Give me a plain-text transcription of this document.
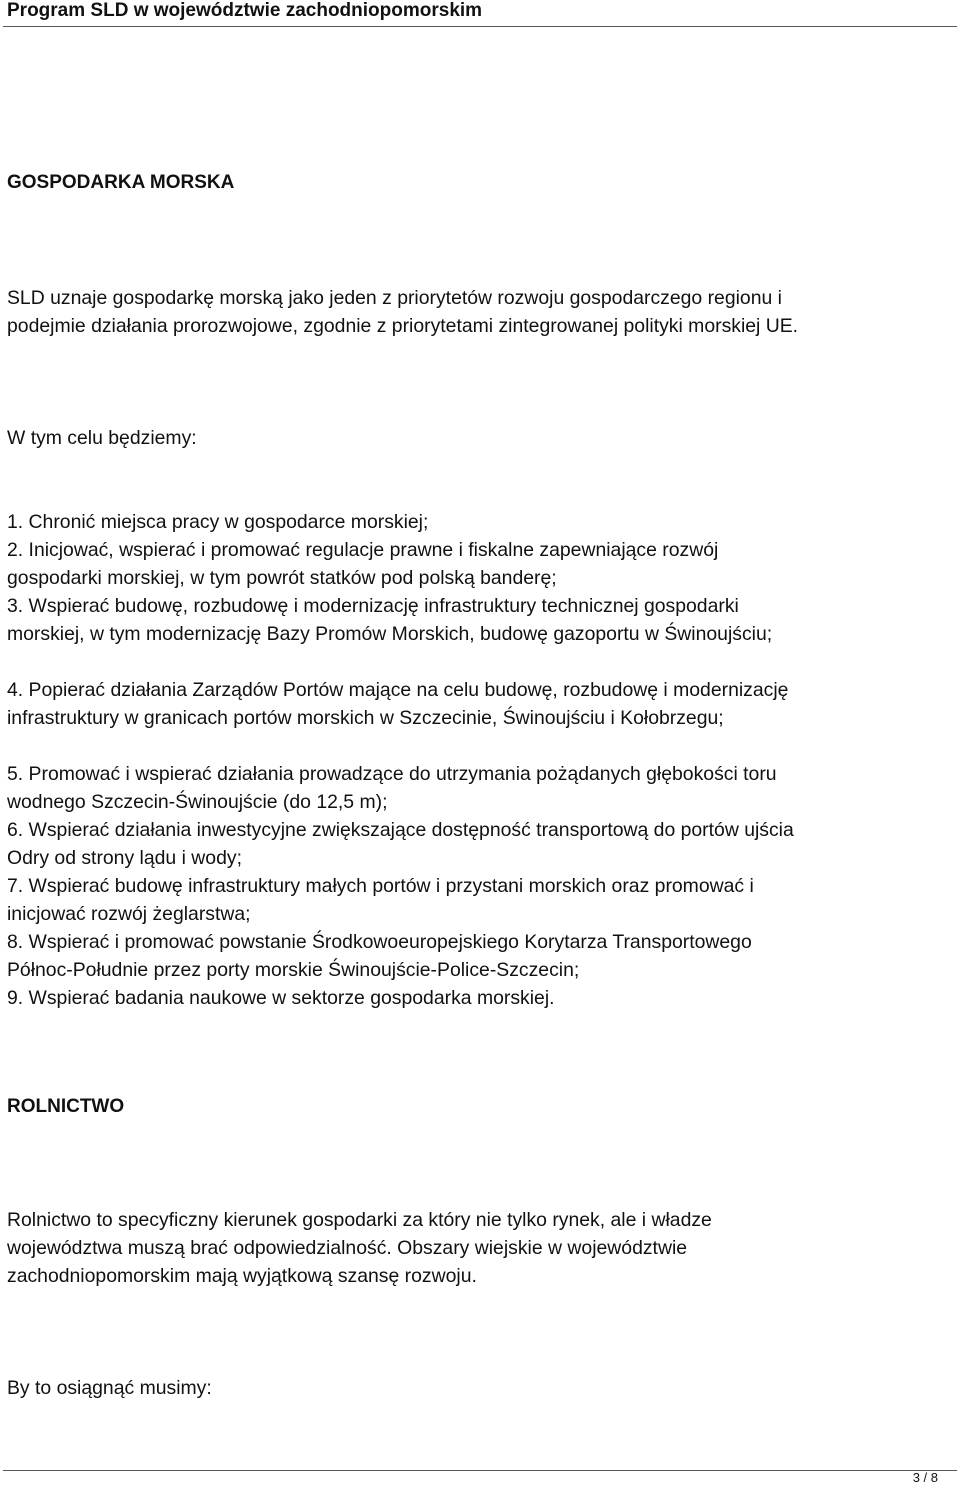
Program SLD w województwie zachodniopomorskim
GOSPODARKA MORSKA

SLD uznaje gospodarkę morską jako jeden z priorytetów rozwoju gospodarczego regionu i
podejmie działania prorozwojowe, zgodnie z priorytetami zintegrowanej polityki morskiej UE.

W tym celu będziemy:

1. Chronić miejsca pracy w gospodarce morskiej;

2. Inicjować, wspierać i promować regulacje prawne i fiskalne zapewniające rozwój
gospodarki morskiej, w tym powrót statków pod polską banderę;

3. Wspierać budowę, rozbudowę i modernizację infrastruktury technicznej gospodarki
morskiej, w tym modernizację Bazy Promów Morskich, budowę gazoportu w Świnoujściu;

4. Popierać działania Zarządów Portów mające na celu budowę, rozbudowę i modernizację
infrastruktury w granicach portów morskich w Szczecinie, Świnoujściu i Kołobrzegu;

5. Promować i wspierać działania prowadzące do utrzymania pożądanych głębokości toru
wodnego Szczecin-Świnoujście (do 12,5 m);

6. Wspierać działania inwestycyjne zwiększające dostępność transportową do portów ujścia
Odry od strony lądu i wody;

7. Wspierać budowę infrastruktury małych portów i przystani morskich oraz promować i
inicjować rozwój żeglarstwa;

8. Wspierać i promować powstanie Środkowoeuropejskiego Korytarza Transportowego
Północ-Południe przez porty morskie Świnoujście-Police-Szczecin;

9. Wspierać badania naukowe w sektorze gospodarka morskiej.

ROLNICTWO

Rolnictwo to specyficzny kierunek gospodarki za który nie tylko rynek, ale i władze
województwa muszą brać odpowiedzialność. Obszary wiejskie w województwie
zachodniopomorskim mają wyjątkową szansę rozwoju.

By to osiągnąć musimy:

3 / 8
